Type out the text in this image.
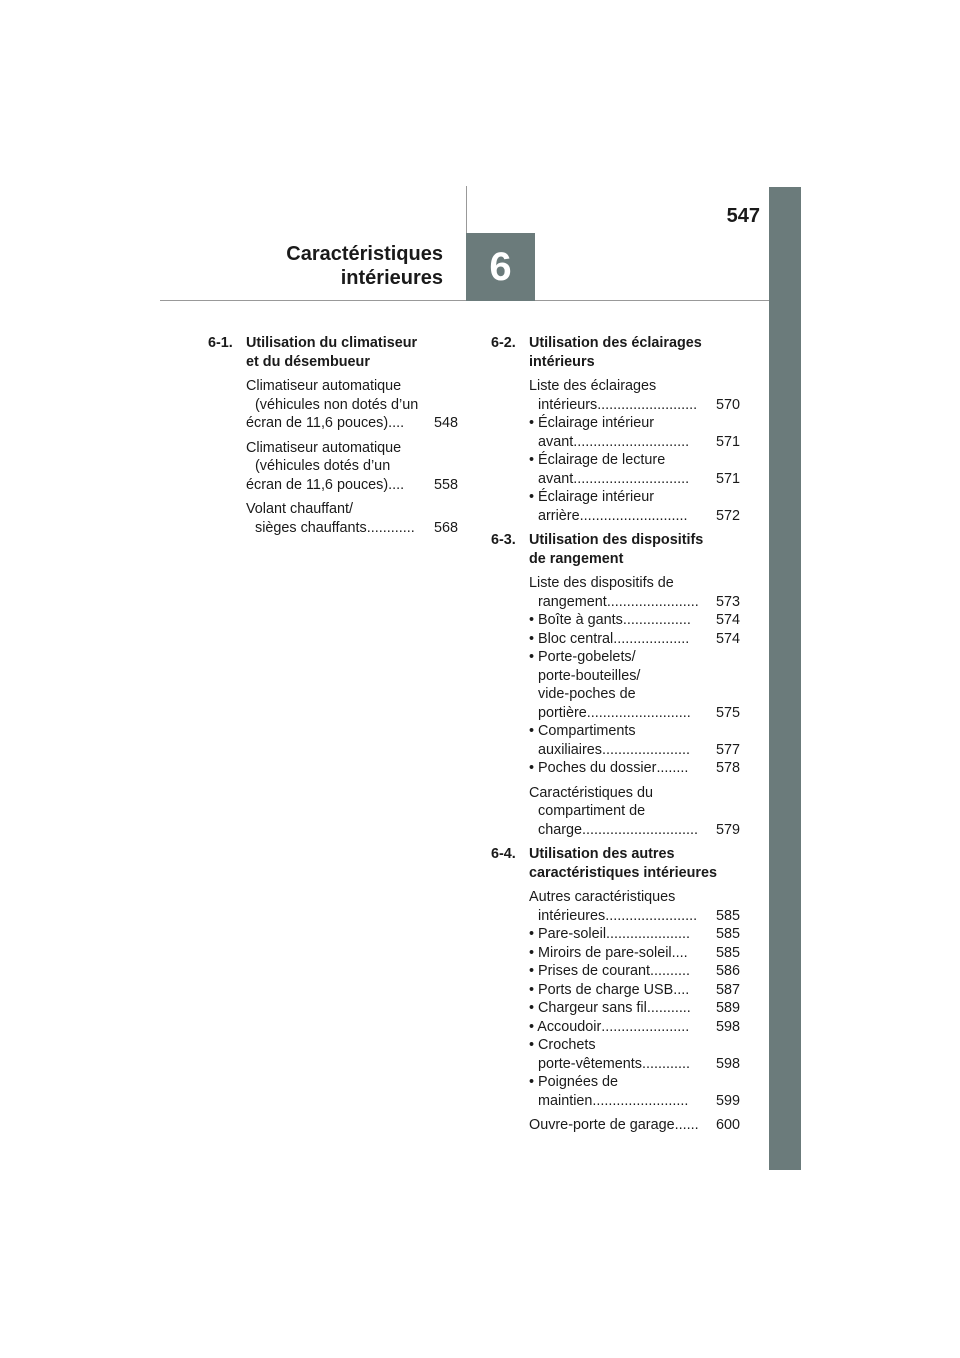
547
Caractéristiques
intérieures	6
6-1. Utilisation du climatiseur
et du désembueur
Climatiseur automatique
(véhicules non dotés d’un
écran de 11,6 pouces) ....	548
Climatiseur automatique
(véhicules dotés d’un
écran de 11,6 pouces) ....	558
Volant chauffant/
sièges chauffants ............	568
6-2. Utilisation des éclairages
intérieurs
Liste des éclairages
intérieurs .........................	570
• Éclairage intérieur
avant .............................	571
• Éclairage de lecture
avant .............................	571
• Éclairage intérieur
arrière ...........................	572
6-3. Utilisation des dispositifs
de rangement
Liste des dispositifs de
rangement .......................	573
• Boîte à gants .................	574
• Bloc central ...................	574
• Porte-gobelets/
porte-bouteilles/
vide-poches de
portière ..........................	575
• Compartiments
auxiliaires ......................	577
• Poches du dossier ........	578
Caractéristiques du
compartiment de
charge .............................	579
6-4. Utilisation des autres
caractéristiques intérieures
Autres caractéristiques
intérieures .......................	585
• Pare-soleil .....................	585
• Miroirs de pare-soleil ....	585
• Prises de courant ..........	586
• Ports de charge USB ....	587
• Chargeur sans fil ...........	589
• Accoudoir ......................	598
• Crochets
porte-vêtements ............	598
• Poignées de
maintien ........................	599
Ouvre-porte de garage ......	600
